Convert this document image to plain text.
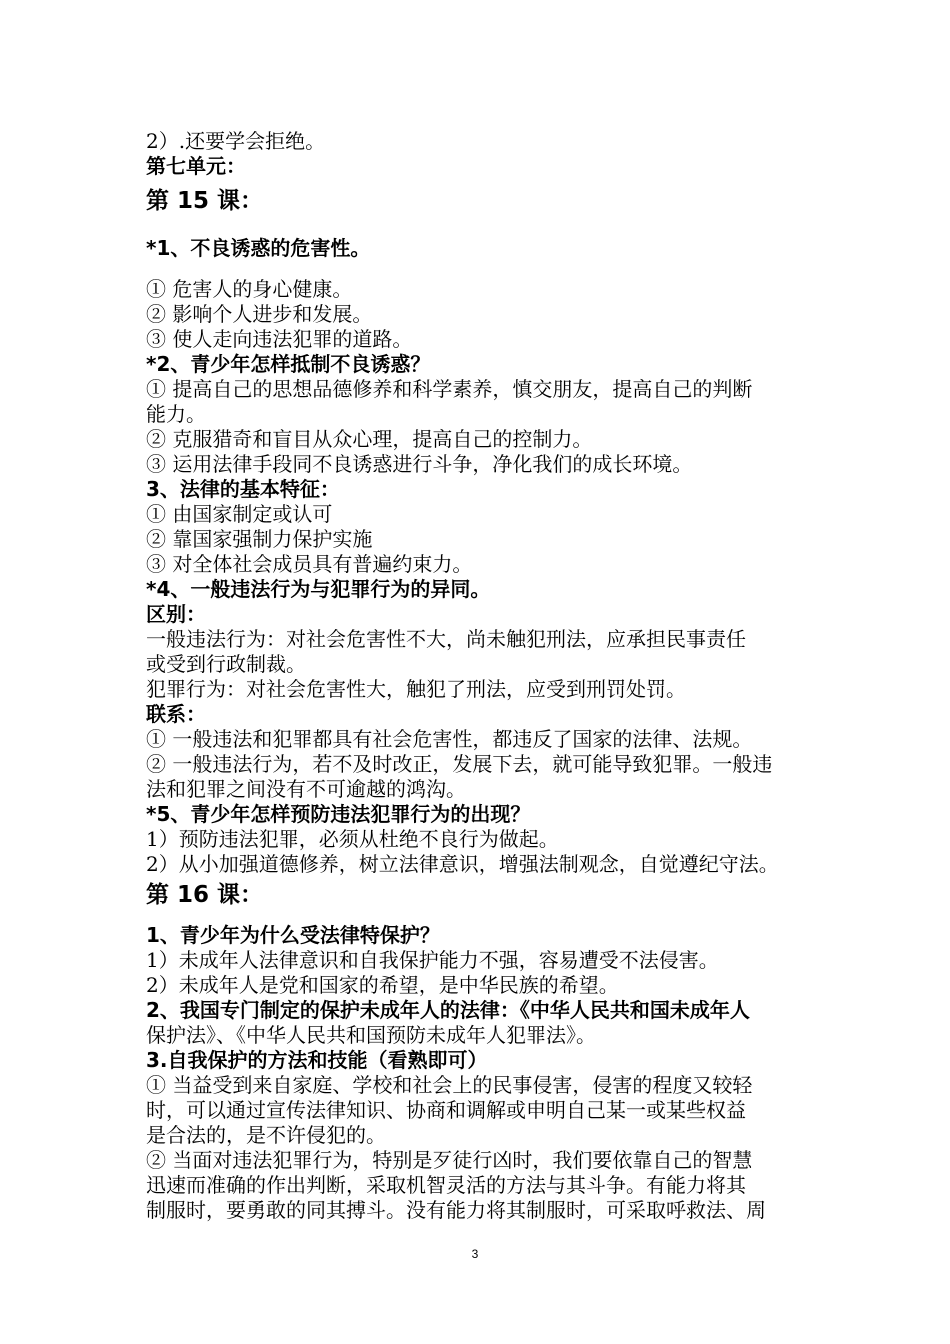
2）.还要学会拒绝。
第七单元：
第 15 课：
*1、不良诱惑的危害性。
① 危害人的身心健康。
② 影响个人进步和发展。
③ 使人走向违法犯罪的道路。
*2、青少年怎样抵制不良诱惑？
① 提高自己的思想品德修养和科学素养，慎交朋友，提高自己的判断
能力。
② 克服猎奇和盲目从众心理，提高自己的控制力。
③ 运用法律手段同不良诱惑进行斗争，净化我们的成长环境。
3、法律的基本特征：
① 由国家制定或认可
② 靠国家强制力保护实施
③ 对全体社会成员具有普遍约束力。
*4、一般违法行为与犯罪行为的异同。
区别：
一般违法行为：对社会危害性不大，尚未触犯刑法，应承担民事责任
或受到行政制裁。
犯罪行为：对社会危害性大，触犯了刑法，应受到刑罚处罚。
联系：
① 一般违法和犯罪都具有社会危害性，都违反了国家的法律、法规。
② 一般违法行为，若不及时改正，发展下去，就可能导致犯罪。一般违
法和犯罪之间没有不可逾越的鸿沟。
*5、青少年怎样预防违法犯罪行为的出现？
1）预防违法犯罪，必须从杜绝不良行为做起。
2）从小加强道德修养，树立法律意识，增强法制观念，自觉遵纪守法。
第 16 课：
1、青少年为什么受法律特保护？
1）未成年人法律意识和自我保护能力不强，容易遭受不法侵害。
2）未成年人是党和国家的希望，是中华民族的希望。
2、我国专门制定的保护未成年人的法律：《中华人民共和国未成年人
保护法》、《中华人民共和国预防未成年人犯罪法》。
3.自我保护的方法和技能（看熟即可）
① 当益受到来自家庭、学校和社会上的民事侵害，侵害的程度又较轻
时，可以通过宣传法律知识、协商和调解或申明自己某一或某些权益
是合法的，是不许侵犯的。
② 当面对违法犯罪行为，特别是歹徒行凶时，我们要依靠自己的智慧
迅速而准确的作出判断，采取机智灵活的方法与其斗争。有能力将其
制服时，要勇敢的同其搏斗。没有能力将其制服时，可采取呼救法、周
3
